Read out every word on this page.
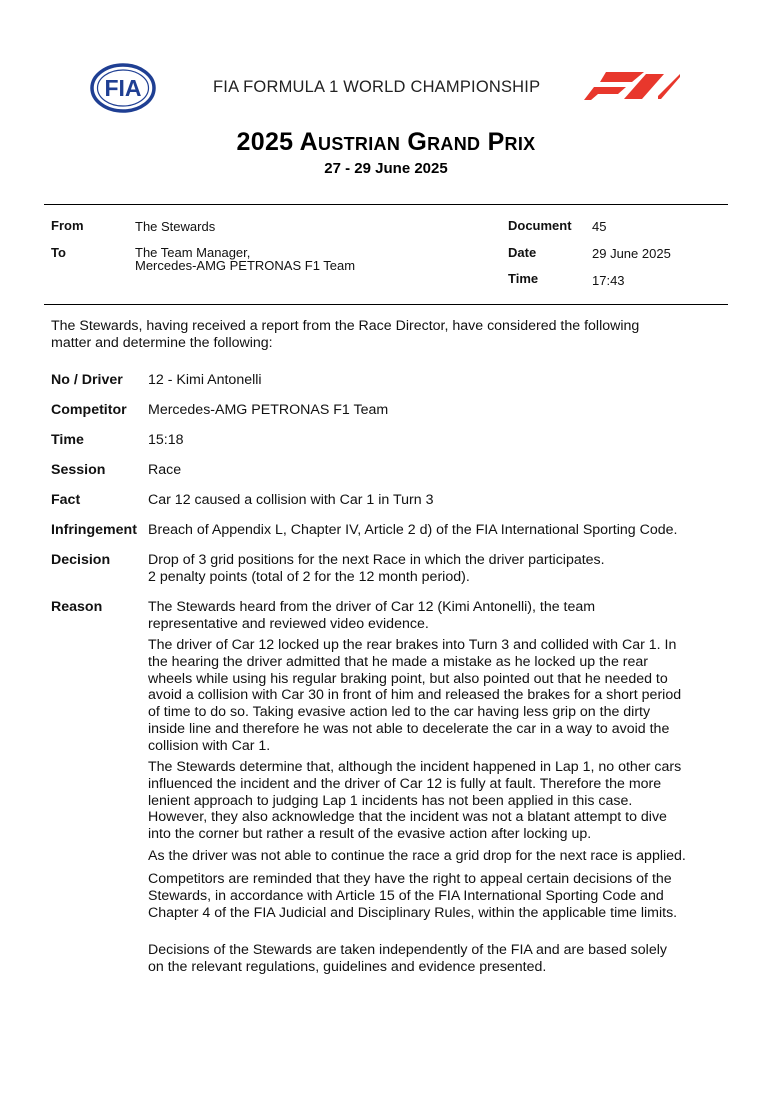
FIA	FIA FORMULA 1 WORLD CHAMPIONSHIP
2025 Austrian Grand Prix
27 - 29 June 2025
From	The Stewards
To	The Team Manager,
Mercedes-AMG PETRONAS F1 Team
Document 45
Date	29 June 2025
Time	17:43
The Stewards, having received a report from the Race Director, have considered the following
matter and determine the following:
No / Driver 12 - Kimi Antonelli
Competitor Mercedes-AMG PETRONAS F1 Team
Time	15:18
Session	Race
Fact	Car 12 caused a collision with Car 1 in Turn 3
Infringement Breach of Appendix L, Chapter IV, Article 2 d) of the FIA International Sporting Code.
Decision	Drop of 3 grid positions for the next Race in which the driver participates.
2 penalty points (total of 2 for the 12 month period).
Reason	The Stewards heard from the driver of Car 12 (Kimi Antonelli), the team
representative and reviewed video evidence.
The driver of Car 12 locked up the rear brakes into Turn 3 and collided with Car 1. In
the hearing the driver admitted that he made a mistake as he locked up the rear
wheels while using his regular braking point, but also pointed out that he needed to
avoid a collision with Car 30 in front of him and released the brakes for a short period
of time to do so. Taking evasive action led to the car having less grip on the dirty
inside line and therefore he was not able to decelerate the car in a way to avoid the
collision with Car 1.
The Stewards determine that, although the incident happened in Lap 1, no other cars
influenced the incident and the driver of Car 12 is fully at fault. Therefore the more
lenient approach to judging Lap 1 incidents has not been applied in this case.
However, they also acknowledge that the incident was not a blatant attempt to dive
into the corner but rather a result of the evasive action after locking up.
As the driver was not able to continue the race a grid drop for the next race is applied.
Competitors are reminded that they have the right to appeal certain decisions of the
Stewards, in accordance with Article 15 of the FIA International Sporting Code and
Chapter 4 of the FIA Judicial and Disciplinary Rules, within the applicable time limits.
Decisions of the Stewards are taken independently of the FIA and are based solely
on the relevant regulations, guidelines and evidence presented.
